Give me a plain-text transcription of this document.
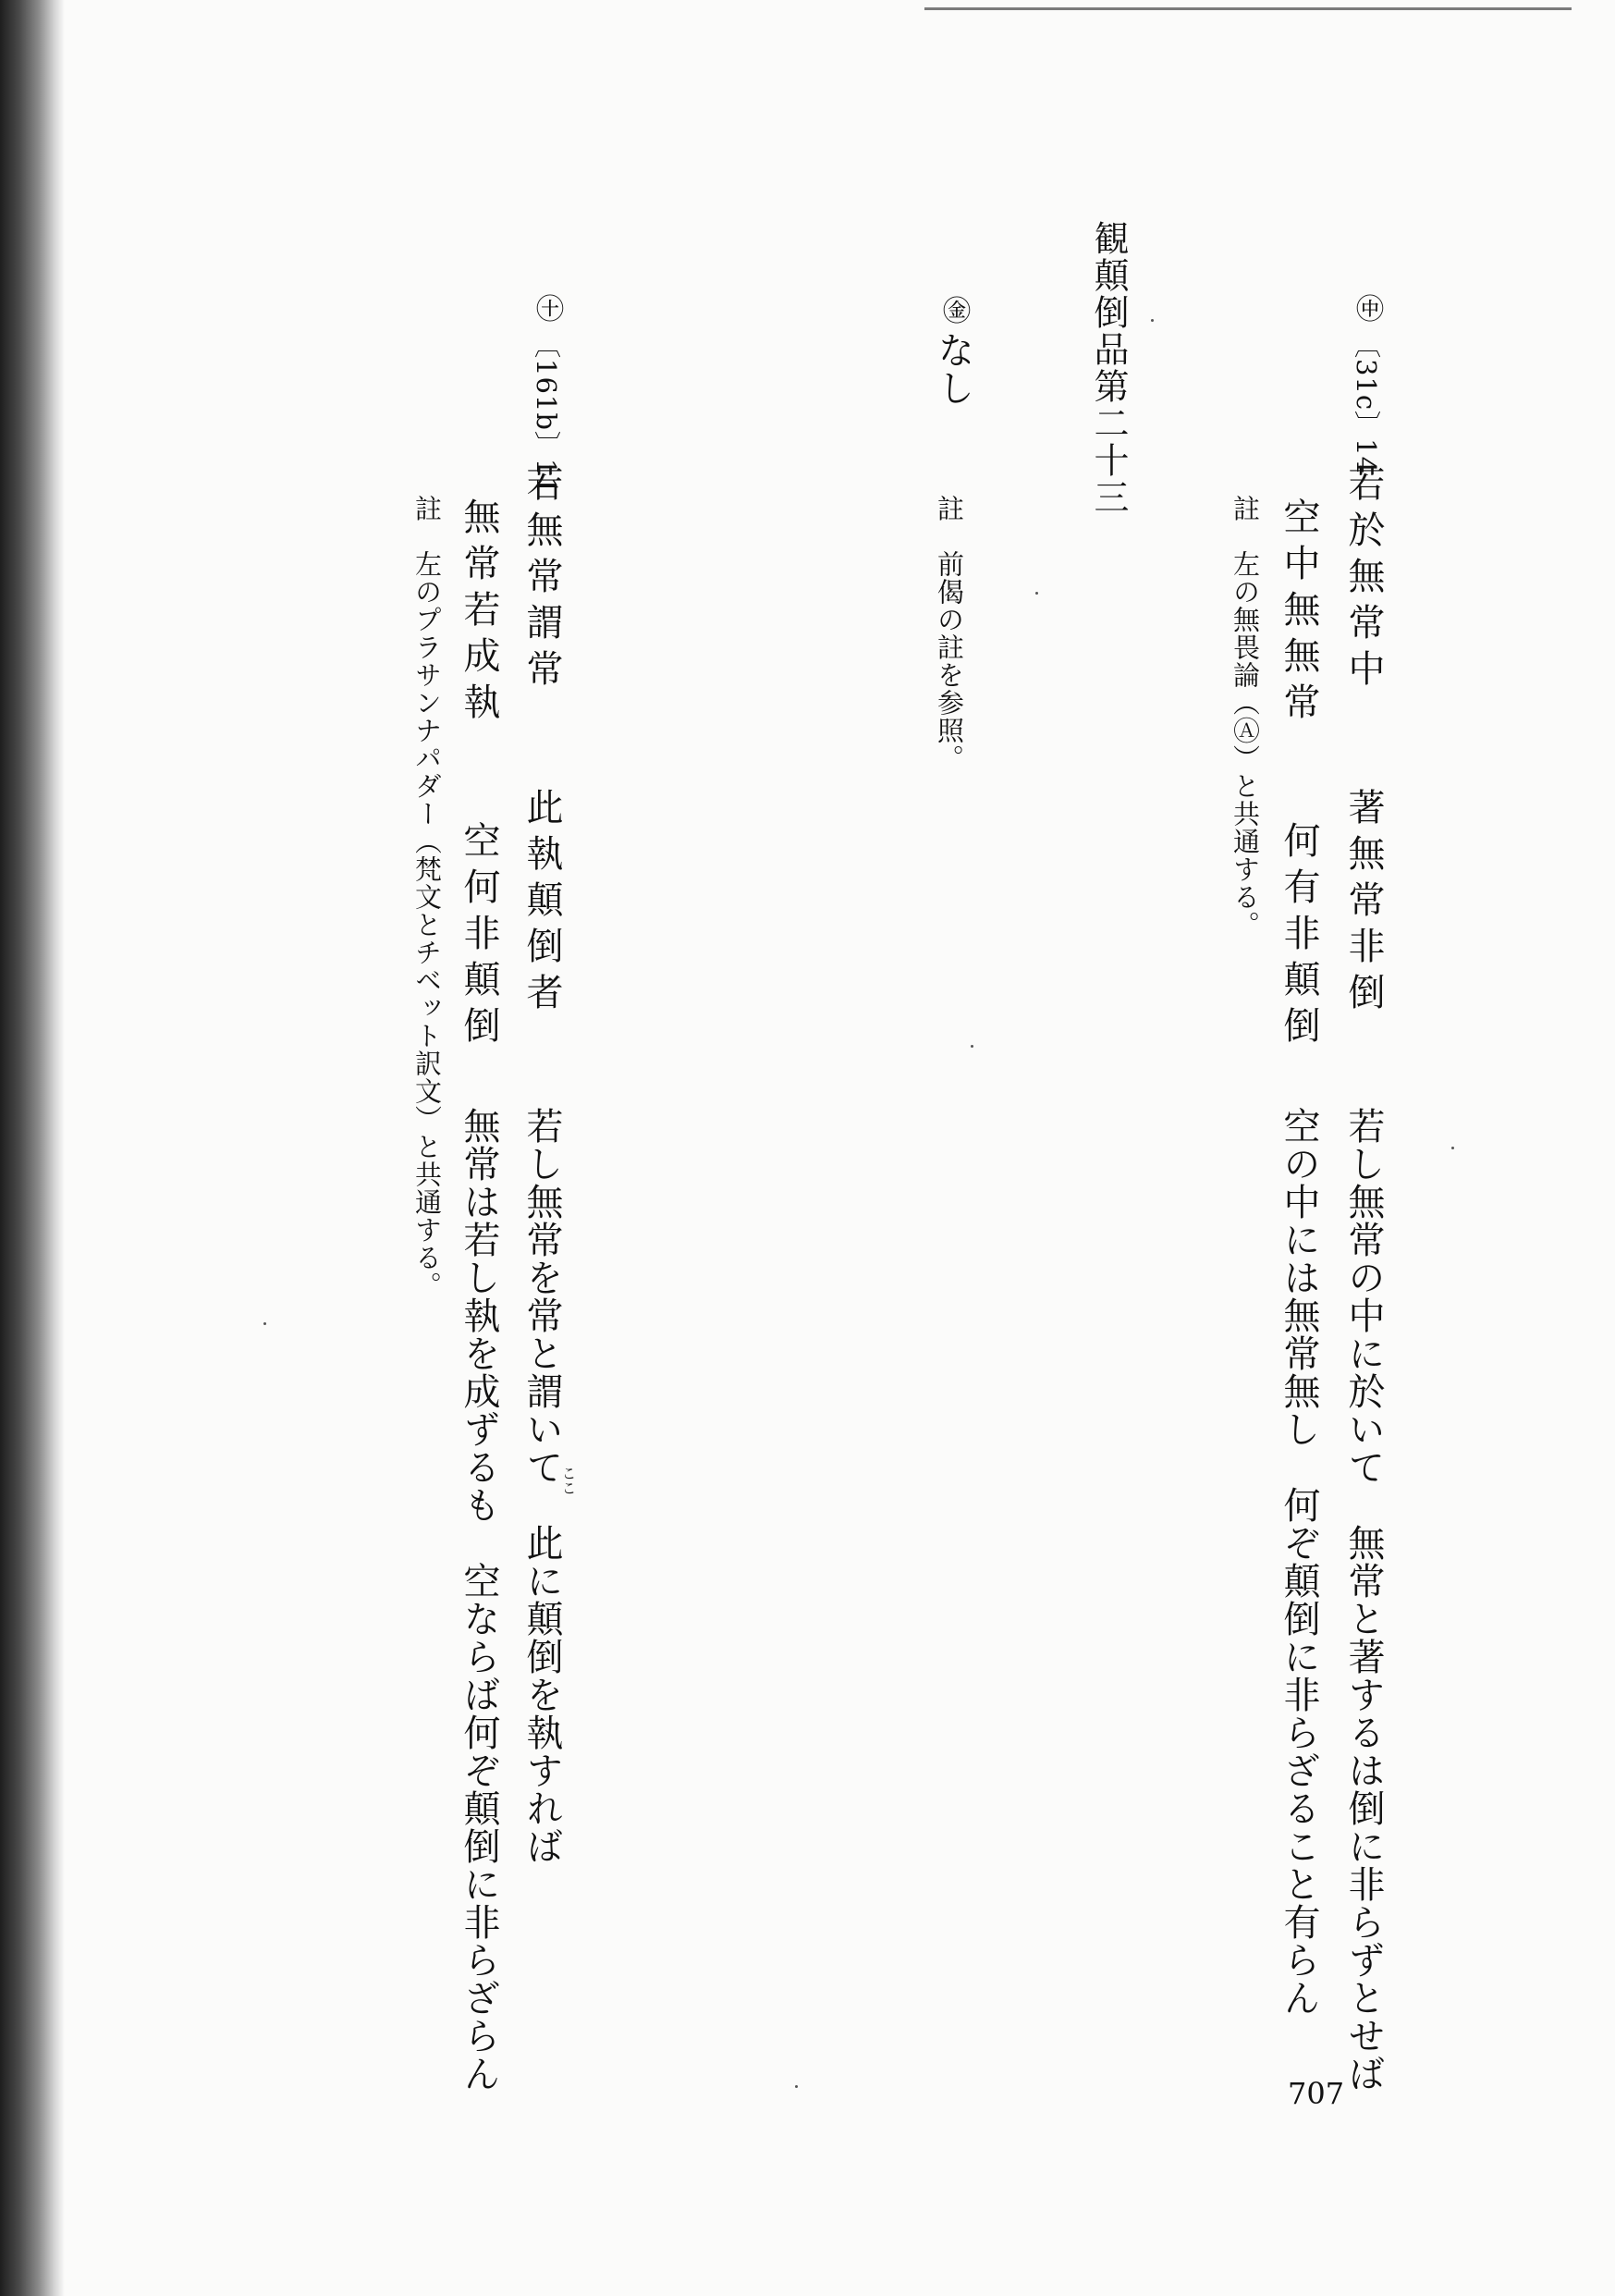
観顛倒品第二十三	㊥
〔31c〕14
若於無常中　　著無常非倒
空中無無常　　何有非顛倒
註　左の無畏論（Ⓐ）と共通する。
若し無常の中に於いて　無常と著するは倒に非らずとせば
空の中には無常無し　何ぞ顛倒に非らざること有らん
㊎
なし
註　前偈の註を参照。
㊉
〔161b〕11
若無常謂常　　此執顛倒者
無常若成執　　空何非顛倒
註　左のプラサンナパダー（梵文とチベット訳文）と共通する。
若し無常を常と謂いて　此に顛倒を執すれば
無常は若し執を成ずるも　空ならば何ぞ顛倒に非らざらん	ここ
707
